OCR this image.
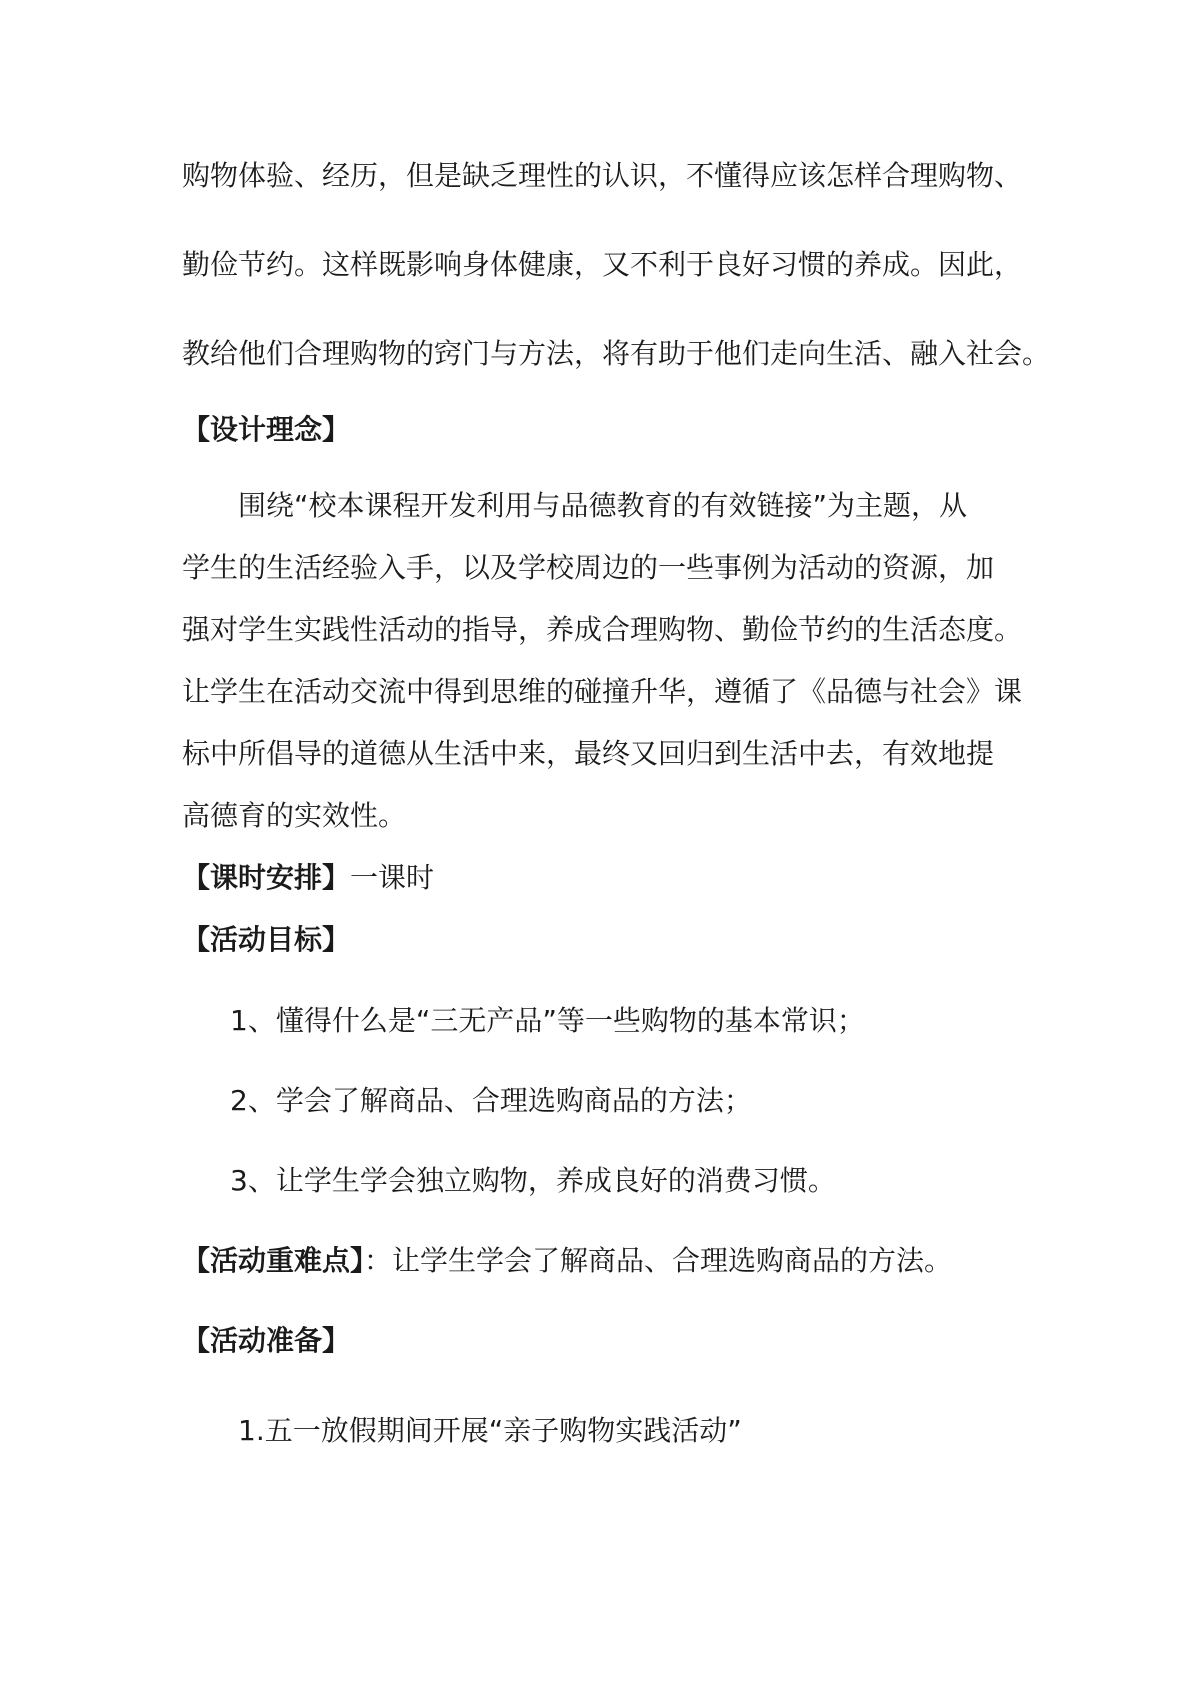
购物体验、经历，但是缺乏理性的认识，不懂得应该怎样合理购物、
勤俭节约。这样既影响身体健康，又不利于良好习惯的养成。因此，
教给他们合理购物的窍门与方法，将有助于他们走向生活、融入社会。
【设计理念】
围绕“校本课程开发利用与品德教育的有效链接”为主题，从
学生的生活经验入手，以及学校周边的一些事例为活动的资源，加
强对学生实践性活动的指导，养成合理购物、勤俭节约的生活态度。
让学生在活动交流中得到思维的碰撞升华，遵循了《品德与社会》课
标中所倡导的道德从生活中来，最终又回归到生活中去，有效地提
高德育的实效性。
【课时安排】一课时
【活动目标】
1、懂得什么是“三无产品”等一些购物的基本常识；
2、学会了解商品、合理选购商品的方法；
3、让学生学会独立购物，养成良好的消费习惯。
【活动重难点】：让学生学会了解商品、合理选购商品的方法。
【活动准备】
1.五一放假期间开展“亲子购物实践活动”
